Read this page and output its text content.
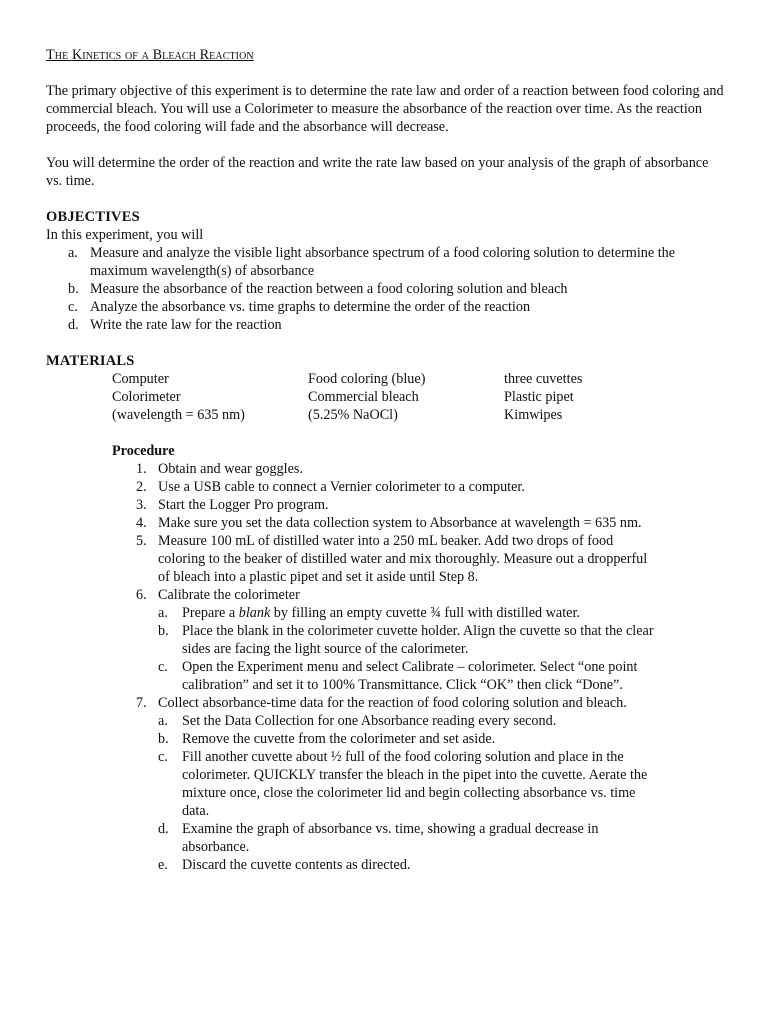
The Kinetics of a Bleach Reaction

The primary objective of this experiment is to determine the rate law and order of a reaction between food coloring and commercial bleach. You will use a Colorimeter to measure the absorbance of the reaction over time. As the reaction proceeds, the food coloring will fade and the absorbance will decrease.

You will determine the order of the reaction and write the rate law based on your analysis of the graph of absorbance vs. time.

OBJECTIVES
In this experiment, you will
a. Measure and analyze the visible light absorbance spectrum of a food coloring solution to determine the maximum wavelength(s) of absorbance
b. Measure the absorbance of the reaction between a food coloring solution and bleach
c. Analyze the absorbance vs. time graphs to determine the order of the reaction
d. Write the rate law for the reaction
MATERIALS
Computer	Food coloring (blue)	three cuvettes
Colorimeter	Commercial bleach	Plastic pipet
(wavelength = 635 nm)	(5.25% NaOCl)	Kimwipes
Procedure
1. Obtain and wear goggles.
2. Use a USB cable to connect a Vernier colorimeter to a computer.
3. Start the Logger Pro program.
4. Make sure you set the data collection system to Absorbance at wavelength = 635 nm.
5. Measure 100 mL of distilled water into a 250 mL beaker. Add two drops of food coloring to the beaker of distilled water and mix thoroughly. Measure out a dropperful of bleach into a plastic pipet and set it aside until Step 8.
6. Calibrate the colorimeter
a. Prepare a blank by filling an empty cuvette ¾ full with distilled water.
b. Place the blank in the colorimeter cuvette holder. Align the cuvette so that the clear sides are facing the light source of the calorimeter.
c. Open the Experiment menu and select Calibrate – colorimeter. Select “one point calibration” and set it to 100% Transmittance. Click “OK” then click “Done”.
7. Collect absorbance-time data for the reaction of food coloring solution and bleach.
a. Set the Data Collection for one Absorbance reading every second.
b. Remove the cuvette from the colorimeter and set aside.
c. Fill another cuvette about ½ full of the food coloring solution and place in the colorimeter. QUICKLY transfer the bleach in the pipet into the cuvette. Aerate the mixture once, close the colorimeter lid and begin collecting absorbance vs. time data.
d. Examine the graph of absorbance vs. time, showing a gradual decrease in absorbance.
e. Discard the cuvette contents as directed.
